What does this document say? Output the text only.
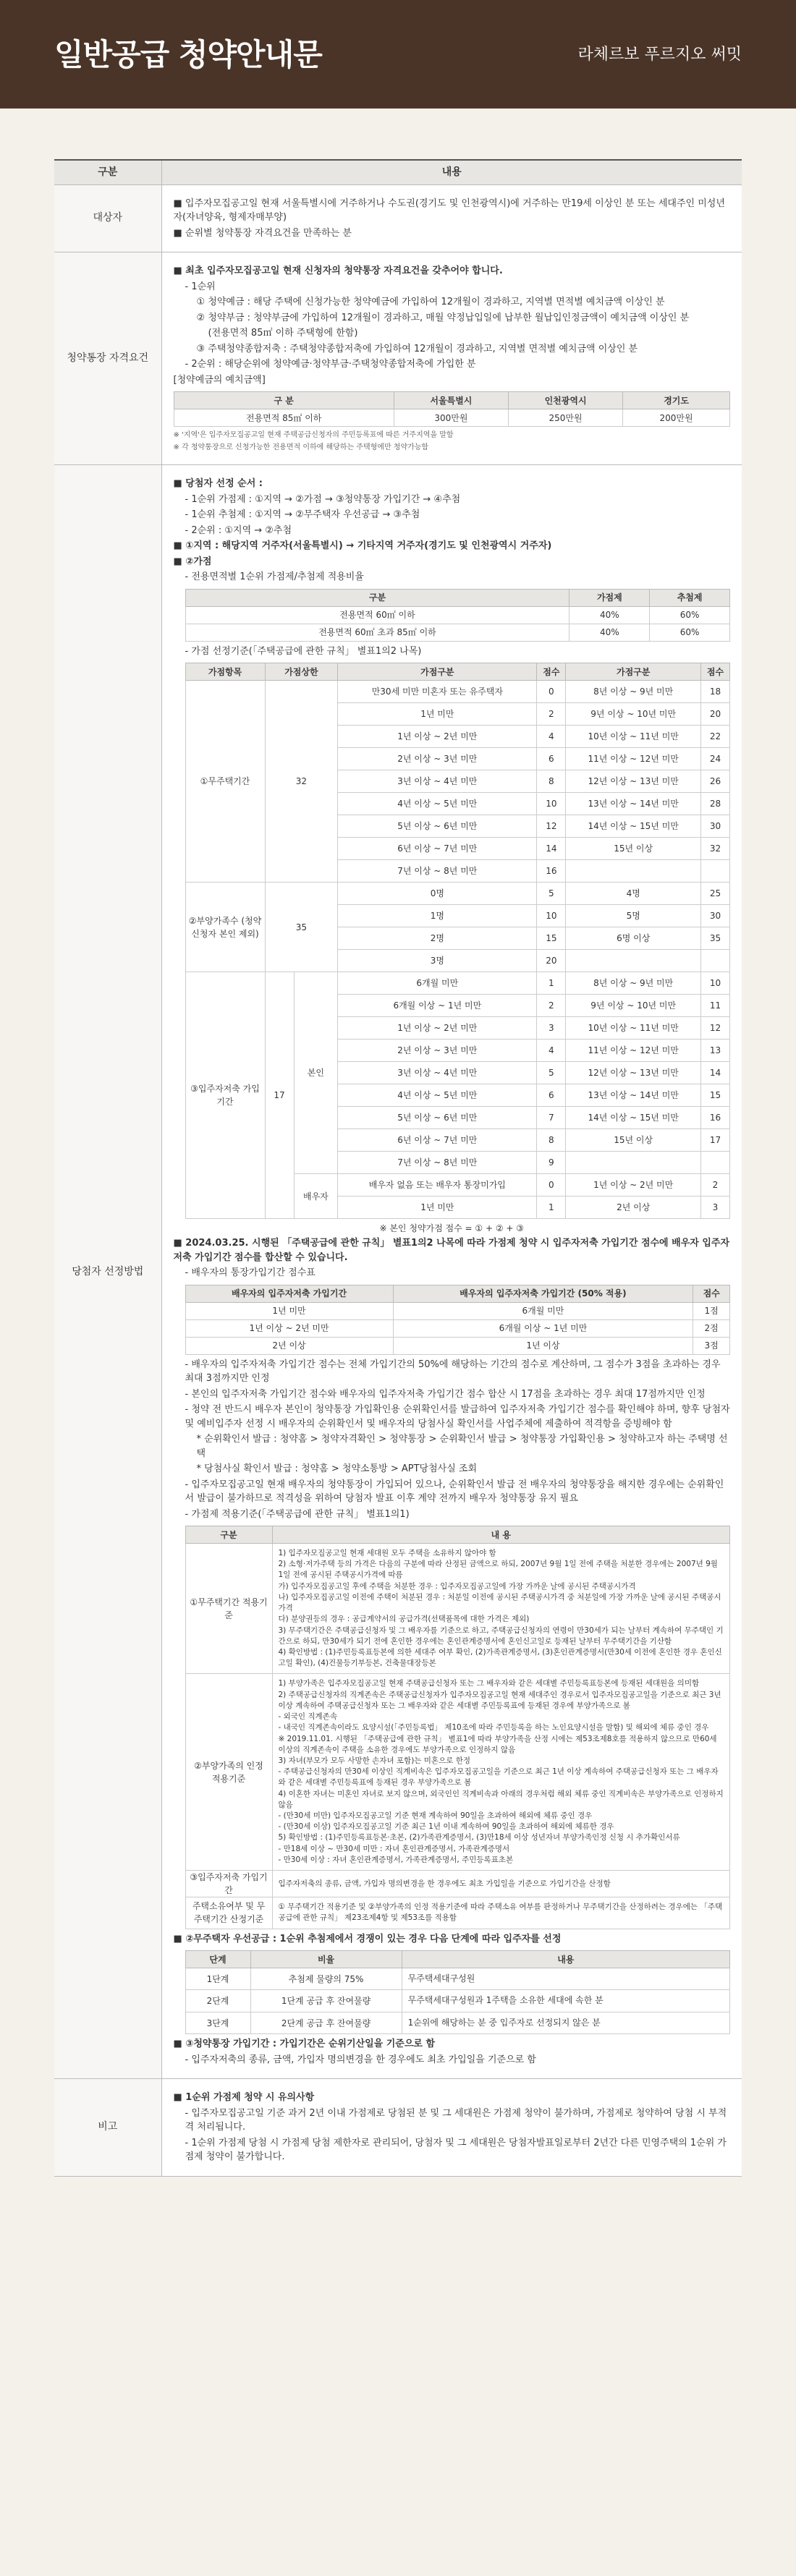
일반공급 청약안내문	라체르보 푸르지오 써밋
구분	내용
대상자	

■ 입주자모집공고일 현재 서울특별시에 거주하거나 수도권(경기도 및 인천광역시)에 거주하는 만19세 이상인 분 또는 세대주인 미성년자(자녀양육, 형제자매부양)

■ 순위별 청약통장 자격요건을 만족하는 분

청약통장 자격요건	

■ 최초 입주자모집공고일 현재 신청자의 청약통장 자격요건을 갖추어야 합니다.

- 1순위

① 청약예금 : 해당 주택에 신청가능한 청약예금에 가입하여 12개월이 경과하고, 지역별 면적별 예치금액 이상인 분

② 청약부금 : 청약부금에 가입하여 12개월이 경과하고, 매월 약정납입일에 납부한 월납입인정금액이 예치금액 이상인 분

(전용면적 85㎡ 이하 주택형에 한함)

③ 주택청약종합저축 : 주택청약종합저축에 가입하여 12개월이 경과하고, 지역별 면적별 예치금액 이상인 분

- 2순위 : 해당순위에 청약예금·청약부금·주택청약종합저축에 가입한 분

[청약예금의 예치금액]

구 분	서울특별시	인천광역시	경기도
전용면적 85㎡ 이하	300만원	250만원	200만원

※ '지역'은 입주자모집공고일 현재 주택공급신청자의 주민등록표에 따른 거주지역을 말함

※ 각 청약통장으로 신청가능한 전용면적 이하에 해당하는 주택형에만 청약가능함

당첨자 선정방법	

■ 당첨자 선정 순서 :

- 1순위 가점제 : ①지역 → ②가점 → ③청약통장 가입기간 → ④추첨

- 1순위 추첨제 : ①지역 → ②무주택자 우선공급 → ③추첨

- 2순위 : ①지역 → ②추첨

■ ①지역 : 해당지역 거주자(서울특별시) → 기타지역 거주자(경기도 및 인천광역시 거주자)

■ ②가점

- 전용면적별 1순위 가점제/추첨제 적용비율

구분	가점제	추첨제
전용면적 60㎡ 이하	40%	60%
전용면적 60㎡ 초과 85㎡ 이하	40%	60%

- 가점 선정기준(「주택공급에 관한 규칙」 별표1의2 나목)

가점항목	가점상한	가점구분	점수	가점구분	점수
①무주택기간	32	만30세 미만 미혼자 또는 유주택자	0	8년 이상 ~ 9년 미만	18
1년 미만	2	9년 이상 ~ 10년 미만	20
1년 이상 ~ 2년 미만	4	10년 이상 ~ 11년 미만	22
2년 이상 ~ 3년 미만	6	11년 이상 ~ 12년 미만	24
3년 이상 ~ 4년 미만	8	12년 이상 ~ 13년 미만	26
4년 이상 ~ 5년 미만	10	13년 이상 ~ 14년 미만	28
5년 이상 ~ 6년 미만	12	14년 이상 ~ 15년 미만	30
6년 이상 ~ 7년 미만	14	15년 이상	32
7년 이상 ~ 8년 미만	16		
②부양가족수 (청약신청자 본인 제외)	35	0명	5	4명	25
1명	10	5명	30
2명	15	6명 이상	35
3명	20		
③입주자저축 가입기간	17	본인	6개월 미만	1	8년 이상 ~ 9년 미만	10
6개월 이상 ~ 1년 미만	2	9년 이상 ~ 10년 미만	11
1년 이상 ~ 2년 미만	3	10년 이상 ~ 11년 미만	12
2년 이상 ~ 3년 미만	4	11년 이상 ~ 12년 미만	13
3년 이상 ~ 4년 미만	5	12년 이상 ~ 13년 미만	14
4년 이상 ~ 5년 미만	6	13년 이상 ~ 14년 미만	15
5년 이상 ~ 6년 미만	7	14년 이상 ~ 15년 미만	16
6년 이상 ~ 7년 미만	8	15년 이상	17
7년 이상 ~ 8년 미만	9		
배우자	배우자 없음 또는 배우자 통장미가입	0	1년 이상 ~ 2년 미만	2
1년 미만	1	2년 이상	3

※ 본인 청약가점 점수 = ① + ② + ③

■ 2024.03.25. 시행된 「주택공급에 관한 규칙」 별표1의2 나목에 따라 가점제 청약 시 입주자저축 가입기간 점수에 배우자 입주자저축 가입기간 점수를 합산할 수 있습니다.

- 배우자의 통장가입기간 점수표

배우자의 입주자저축 가입기간	배우자의 입주자저축 가입기간 (50% 적용)	점수
1년 미만	6개월 미만	1점
1년 이상 ~ 2년 미만	6개월 이상 ~ 1년 미만	2점
2년 이상	1년 이상	3점

- 배우자의 입주자저축 가입기간 점수는 전체 가입기간의 50%에 해당하는 기간의 점수로 계산하며, 그 점수가 3점을 초과하는 경우 최대 3점까지만 인정

- 본인의 입주자저축 가입기간 점수와 배우자의 입주자저축 가입기간 점수 합산 시 17점을 초과하는 경우 최대 17점까지만 인정

- 청약 전 반드시 배우자 본인이 청약통장 가입확인용 순위확인서를 발급하여 입주자저축 가입기간 점수를 확인해야 하며, 향후 당첨자 및 예비입주자 선정 시 배우자의 순위확인서 및 배우자의 당첨사실 확인서를 사업주체에 제출하여 적격항을 증빙해야 함

* 순위확인서 발급 : 청약홈 > 청약자격확인 > 청약통장 > 순위확인서 발급 > 청약통장 가입확인용 > 청약하고자 하는 주택명 선택

* 당첨사실 확인서 발급 : 청약홈 > 청약소통방 > APT당첨사실 조회

- 입주자모집공고일 현재 배우자의 청약통장이 가입되어 있으나, 순위확인서 발급 전 배우자의 청약통장을 해지한 경우에는 순위확인서 발급이 불가하므로 적격성을 위하여 당첨자 발표 이후 계약 전까지 배우자 청약통장 유지 필요

- 가점제 적용기준(「주택공급에 관한 규칙」 별표1의1)

구분	내 용
①무주택기간 적용기준	1) 입주자모집공고일 현재 세대원 모두 주택을 소유하지 않아야 함
2) 소형·저가주택 등의 가격은 다음의 구분에 따라 산정된 금액으로 하되, 2007년 9월 1일 전에 주택을 처분한 경우에는 2007년 9월 1일 전에 공시된 주택공시가격에 따름
가) 입주자모집공고일 후에 주택을 처분한 경우 : 입주자모집공고일에 가장 가까운 날에 공시된 주택공시가격
나) 입주자모집공고일 이전에 주택이 처분된 경우 : 처분일 이전에 공시된 주택공시가격 중 처분일에 가장 가까운 날에 공시된 주택공시가격
다) 분양권등의 경우 : 공급계약서의 공급가격(선택품목에 대한 가격은 제외)
3) 무주택기간은 주택공급신청자 및 그 배우자를 기준으로 하고, 주택공급신청자의 연령이 만30세가 되는 날부터 계속하여 무주택인 기간으로 하되, 만30세가 되기 전에 혼인한 경우에는 혼인관계증명서에 혼인신고일로 등재된 날부터 무주택기간을 기산함
4) 확인방법 : (1)주민등록표등본에 의한 세대주 여부 확인, (2)가족관계증명서, (3)혼인관계증명서(만30세 이전에 혼인한 경우 혼인신고일 확인), (4)건물등기부등본, 건축물대장등본
②부양가족의 인정 적용기준	1) 부양가족은 입주자모집공고일 현재 주택공급신청자 또는 그 배우자와 같은 세대별 주민등록표등본에 등재된 세대원을 의미함
2) 주택공급신청자의 직계존속은 주택공급신청자가 입주자모집공고일 현재 세대주인 경우로서 입주자모집공고일을 기준으로 최근 3년 이상 계속하여 주택공급신청자 또는 그 배우자와 같은 세대별 주민등록표에 등재된 경우에 부양가족으로 봄
- 외국인 직계존속
- 내국인 직계존속이라도 요양시설(「주민등록법」 제10조에 따라 주민등록을 하는 노인요양시설을 말함) 및 해외에 체류 중인 경우
※ 2019.11.01. 시행된 「주택공급에 관한 규칙」 별표1에 따라 부양가족을 산정 시에는 제53조제8호를 적용하지 않으므로 만60세 이상의 직계존속이 주택을 소유한 경우에도 부양가족으로 인정하지 않음
3) 자녀(부모가 모두 사망한 손자녀 포함)는 미혼으로 한정
- 주택공급신청자의 만30세 이상인 직계비속은 입주자모집공고일을 기준으로 최근 1년 이상 계속하여 주택공급신청자 또는 그 배우자와 같은 세대별 주민등록표에 등재된 경우 부양가족으로 봄
4) 이혼한 자녀는 미혼인 자녀로 보지 않으며, 외국인인 직계비속과 아래의 경우처럼 해외 체류 중인 직계비속은 부양가족으로 인정하지 않음
- (만30세 미만) 입주자모집공고일 기준 현재 계속하여 90일을 초과하여 해외에 체류 중인 경우
- (만30세 이상) 입주자모집공고일 기준 최근 1년 이내 계속하여 90일을 초과하여 해외에 체류한 경우
5) 확인방법 : (1)주민등록표등본·초본, (2)가족관계증명서, (3)만18세 이상 성년자녀 부양가족인정 신청 시 추가확인서류
- 만18세 이상 ~ 만30세 미만 : 자녀 혼인관계증명서, 가족관계증명서
- 만30세 이상 : 자녀 혼인관계증명서, 가족관계증명서, 주민등록표초본
③입주자저축 가입기간	입주자저축의 종류, 금액, 가입자 명의변경을 한 경우에도 최초 가입일을 기준으로 가입기간을 산정함
주택소유여부 및 무주택기간 산정기준	① 무주택기간 적용기준 및 ②부양가족의 인정 적용기준에 따라 주택소유 여부를 판정하거나 무주택기간을 산정하려는 경우에는 「주택공급에 관한 규칙」 제23조제4항 및 제53조를 적용함

■ ②무주택자 우선공급 : 1순위 추첨제에서 경쟁이 있는 경우 다음 단계에 따라 입주자를 선정

단계	비율	내용
1단계	추첨제 물량의 75%	무주택세대구성원
2단계	1단계 공급 후 잔여물량	무주택세대구성원과 1주택을 소유한 세대에 속한 분
3단계	2단계 공급 후 잔여물량	1순위에 해당하는 분 중 입주자로 선정되지 않은 분

■ ③청약통장 가입기간 : 가입기간은 순위기산일을 기준으로 함

- 입주자저축의 종류, 금액, 가입자 명의변경을 한 경우에도 최초 가입일을 기준으로 함

비고	

■ 1순위 가점제 청약 시 유의사항

- 입주자모집공고일 기준 과거 2년 이내 가점제로 당첨된 분 및 그 세대원은 가점제 청약이 불가하며, 가점제로 청약하여 당첨 시 부적격 처리됩니다.

- 1순위 가점제 당첨 시 가점제 당첨 제한자로 관리되어, 당첨자 및 그 세대원은 당첨자발표일로부터 2년간 다른 민영주택의 1순위 가점제 청약이 불가합니다.
